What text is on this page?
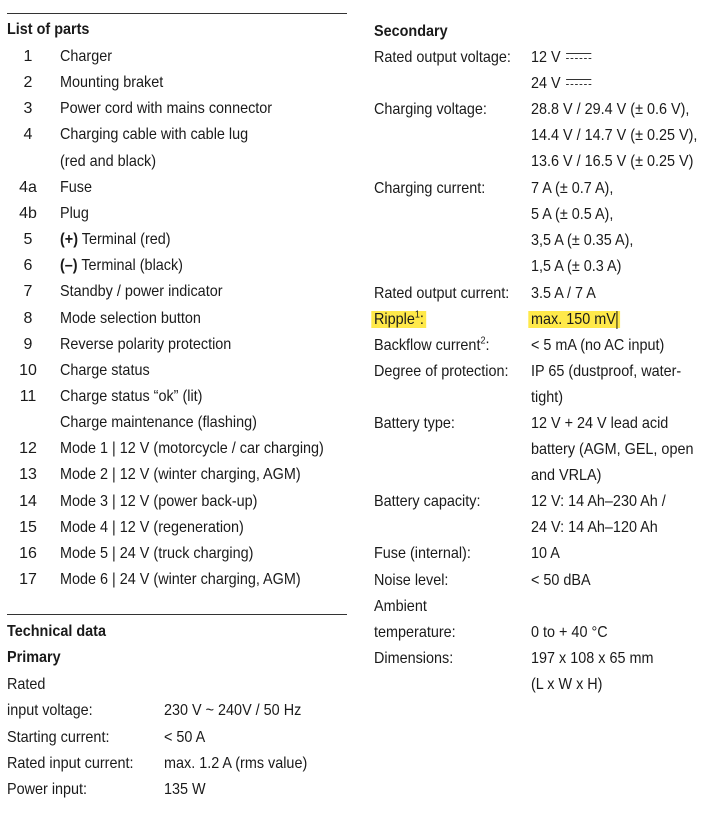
List of parts
1	Charger
2	Mounting braket
3	Power cord with mains connector
4	Charging cable with cable lug
(red and black)
4a	Fuse
4b	Plug
5	(+) Terminal (red)
6	(–) Terminal (black)
7	Standby / power indicator
8	Mode selection button
9	Reverse polarity protection
10	Charge status
11	Charge status “ok” (lit)
Charge maintenance (flashing)
12	Mode 1 | 12 V (motorcycle / car charging)
13	Mode 2 | 12 V (winter charging, AGM)
14	Mode 3 | 12 V (power back-up)
15	Mode 4 | 12 V (regeneration)
16	Mode 5 | 24 V (truck charging)
17	Mode 6 | 24 V (winter charging, AGM)
Technical data
Primary
Rated
input voltage:	230 V ~ 240V / 50 Hz
Starting current:	< 50 A
Rated input current: max. 1.2 A (rms value)
Power input:	135 W
Secondary
Rated output voltage: 12 V
24 V
Charging voltage:	28.8 V / 29.4 V (± 0.6 V),
14.4 V / 14.7 V (± 0.25 V),
13.6 V / 16.5 V (± 0.25 V)
Charging current:	7 A (± 0.7 A),
5 A (± 0.5 A),
3,5 A (± 0.35 A),
1,5 A (± 0.3 A)
Rated output current: 3.5 A / 7 A
Ripple$^1$:	max. 150 mV
Backflow current$^2$:	< 5 mA (no AC input)
Degree of protection: IP 65 (dustproof, water-
tight)
Battery type:	12 V + 24 V lead acid
battery (AGM, GEL, open
and VRLA)
Battery capacity:	12 V: 14 Ah–230 Ah /
24 V: 14 Ah–120 Ah
Fuse (internal):	10 A
Noise level:	< 50 dBA
Ambient
temperature:	0 to + 40 °C
Dimensions:	197 x 108 x 65 mm
(L x W x H)
